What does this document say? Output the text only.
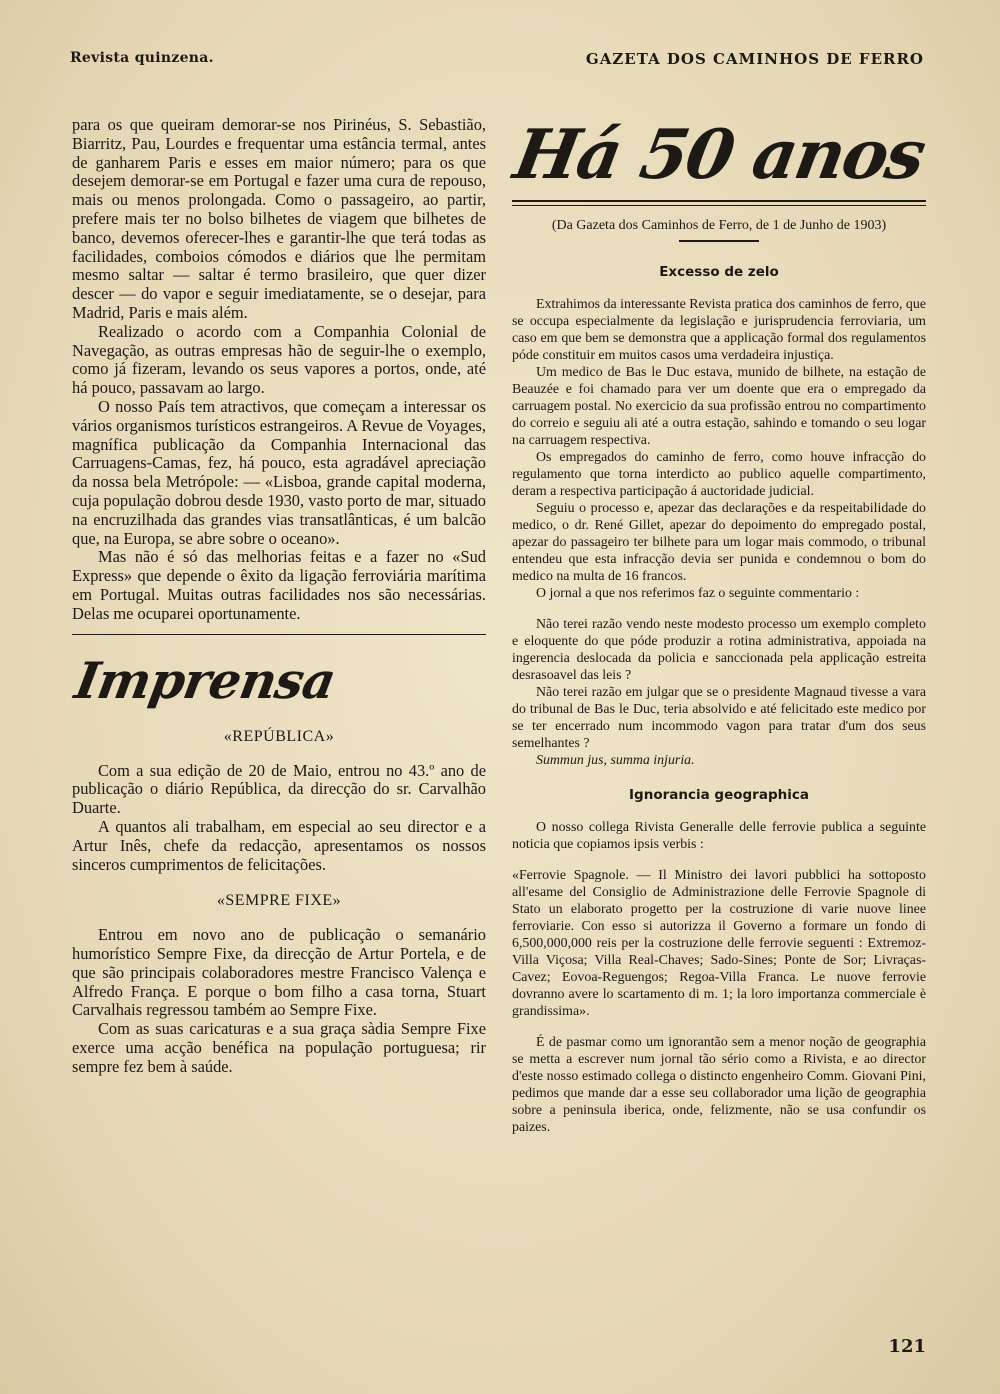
Revista quinzena.	GAZETA DOS CAMINHOS DE FERRO

para os que queiram demorar-se nos Pirinéus, S. Sebastião, Biarritz, Pau, Lourdes e frequentar uma estância termal, antes de ganharem Paris e esses em maior número; para os que desejem demorar-se em Portugal e fazer uma cura de repouso, mais ou menos prolongada. Como o passageiro, ao partir, prefere mais ter no bolso bilhetes de viagem que bilhetes de banco, devemos oferecer-lhes e garantir-lhe que terá todas as facilidades, comboios cómodos e diários que lhe permitam mesmo saltar — saltar é termo brasileiro, que quer dizer descer — do vapor e seguir imediatamente, se o desejar, para Madrid, Paris e mais além.

Realizado o acordo com a Companhia Colonial de Navegação, as outras empresas hão de seguir-lhe o exemplo, como já fizeram, levando os seus vapores a portos, onde, até há pouco, passavam ao largo.

O nosso País tem atractivos, que começam a interessar os vários organismos turísticos estrangeiros. A Revue de Voyages, magnífica publicação da Companhia Internacional das Carruagens-Camas, fez, há pouco, esta agradável apreciação da nossa bela Metrópole: — «Lisboa, grande capital moderna, cuja população dobrou desde 1930, vasto porto de mar, situado na encruzilhada das grandes vias transatlânticas, é um balcão que, na Europa, se abre sobre o oceano».

Mas não é só das melhorias feitas e a fazer no «Sud Express» que depende o êxito da ligação ferroviária marítima em Portugal. Muitas outras facilidades nos são necessárias. Delas me ocuparei oportunamente.

Imprensa
«REPÚBLICA»

Com a sua edição de 20 de Maio, entrou no 43.º ano de publicação o diário República, da direcção do sr. Carvalhão Duarte.

A quantos ali trabalham, em especial ao seu director e a Artur Inês, chefe da redacção, apresentamos os nossos sinceros cumprimentos de felicitações.

«SEMPRE FIXE»

Entrou em novo ano de publicação o semanário humorístico Sempre Fixe, da direcção de Artur Portela, e de que são principais colaboradores mestre Francisco Valença e Alfredo França. E porque o bom filho a casa torna, Stuart Carvalhais regressou também ao Sempre Fixe.

Com as suas caricaturas e a sua graça sàdia Sempre Fixe exerce uma acção benéfica na população portuguesa; rir sempre fez bem à saúde.

Há 50 anos
(Da Gazeta dos Caminhos de Ferro, de 1 de Junho de 1903)
Excesso de zelo

Extrahimos da interessante Revista pratica dos caminhos de ferro, que se occupa especialmente da legislação e jurisprudencia ferroviaria, um caso em que bem se demonstra que a applicação formal dos regulamentos póde constituir em muitos casos uma verdadeira injustiça.

Um medico de Bas le Duc estava, munido de bilhete, na estação de Beauzée e foi chamado para ver um doente que era o empregado da carruagem postal. No exercicio da sua profissão entrou no compartimento do correio e seguiu ali até a outra estação, sahindo e tomando o seu logar na carruagem respectiva.

Os empregados do caminho de ferro, como houve infracção do regulamento que torna interdicto ao publico aquelle compartimento, deram a respectiva participação á auctoridade judicial.

Seguiu o processo e, apezar das declarações e da respeitabilidade do medico, o dr. René Gillet, apezar do depoimento do empregado postal, apezar do passageiro ter bilhete para um logar mais commodo, o tribunal entendeu que esta infracção devia ser punida e condemnou o bom do medico na multa de 16 francos.

O jornal a que nos referimos faz o seguinte commentario :

Não terei razão vendo neste modesto processo um exemplo completo e eloquente do que póde produzir a rotina administrativa, appoiada na ingerencia deslocada da policia e sanccionada pela applicação estreita desrasoavel das leis ?

Não terei razão em julgar que se o presidente Magnaud tivesse a vara do tribunal de Bas le Duc, teria absolvido e até felicitado este medico por se ter encerrado num incommodo vagon para tratar d'um dos seus semelhantes ?

Summun jus, summa injuria.

Ignorancia geographica

O nosso collega Rivista Generalle delle ferrovie publica a seguinte noticia que copiamos ipsis verbis :

«Ferrovie Spagnole. — Il Ministro dei lavori pubblici ha sottoposto all'esame del Consiglio de Administrazione delle Ferrovie Spagnole di Stato un elaborato progetto per la costruzione di varie nuove linee ferroviarie. Con esso si autorizza il Governo a formare un fondo di 6,500,000,000 reis per la costruzione delle ferrovie seguenti : Extremoz-Villa Viçosa; Villa Real-Chaves; Sado-Sines; Ponte de Sor; Livraças-Cavez; Eovoa-Reguengos; Regoa-Villa Franca. Le nuove ferrovie dovranno avere lo scartamento di m. 1; la loro importanza commerciale è grandissima».

É de pasmar como um ignorantão sem a menor noção de geographia se metta a escrever num jornal tão sério como a Rivista, e ao director d'este nosso estimado collega o distincto engenheiro Comm. Giovani Pini, pedimos que mande dar a esse seu collaborador uma lição de geographia sobre a peninsula iberica, onde, felizmente, não se usa confundir os paizes.

121
